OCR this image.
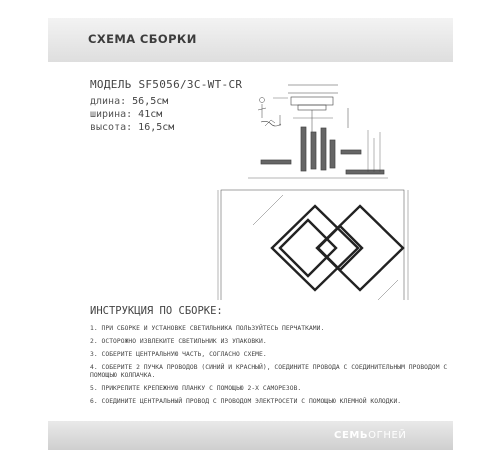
СХЕМА СБОРКИ
МОДЕЛЬ SF5056/3C-WT-CR
длина: 56,5см
ширина: 41см
высота: 16,5см
ИНСТРУКЦИЯ ПО СБОРКЕ:
1. ПРИ СБОРКЕ И УСТАНОВКЕ СВЕТИЛЬНИКА ПОЛЬЗУЙТЕСЬ ПЕРЧАТКАМИ.
2. ОСТОРОЖНО ИЗВЛЕКИТЕ СВЕТИЛЬНИК ИЗ УПАКОВКИ.
3. СОБЕРИТЕ ЦЕНТРАЛЬНУЮ ЧАСТЬ, СОГЛАСНО СХЕМЕ.
4. СОБЕРИТЕ 2 ПУЧКА ПРОВОДОВ (СИНИЙ И КРАСНЫЙ), СОЕДИНИТЕ ПРОВОДА С СОЕДИНИТЕЛЬНЫМ ПРОВОДОМ С ПОМОЩЬЮ КОЛПАЧКА.
5. ПРИКРЕПИТЕ КРЕПЕЖНУЮ ПЛАНКУ С ПОМОЩЬЮ 2-Х САМОРЕЗОВ.
6. СОЕДИНИТЕ ЦЕНТРАЛЬНЫЙ ПРОВОД С ПРОВОДОМ ЭЛЕКТРОСЕТИ С ПОМОЩЬЮ КЛЕМНОЙ КОЛОДКИ.
СЕМЬОГНЕЙ
